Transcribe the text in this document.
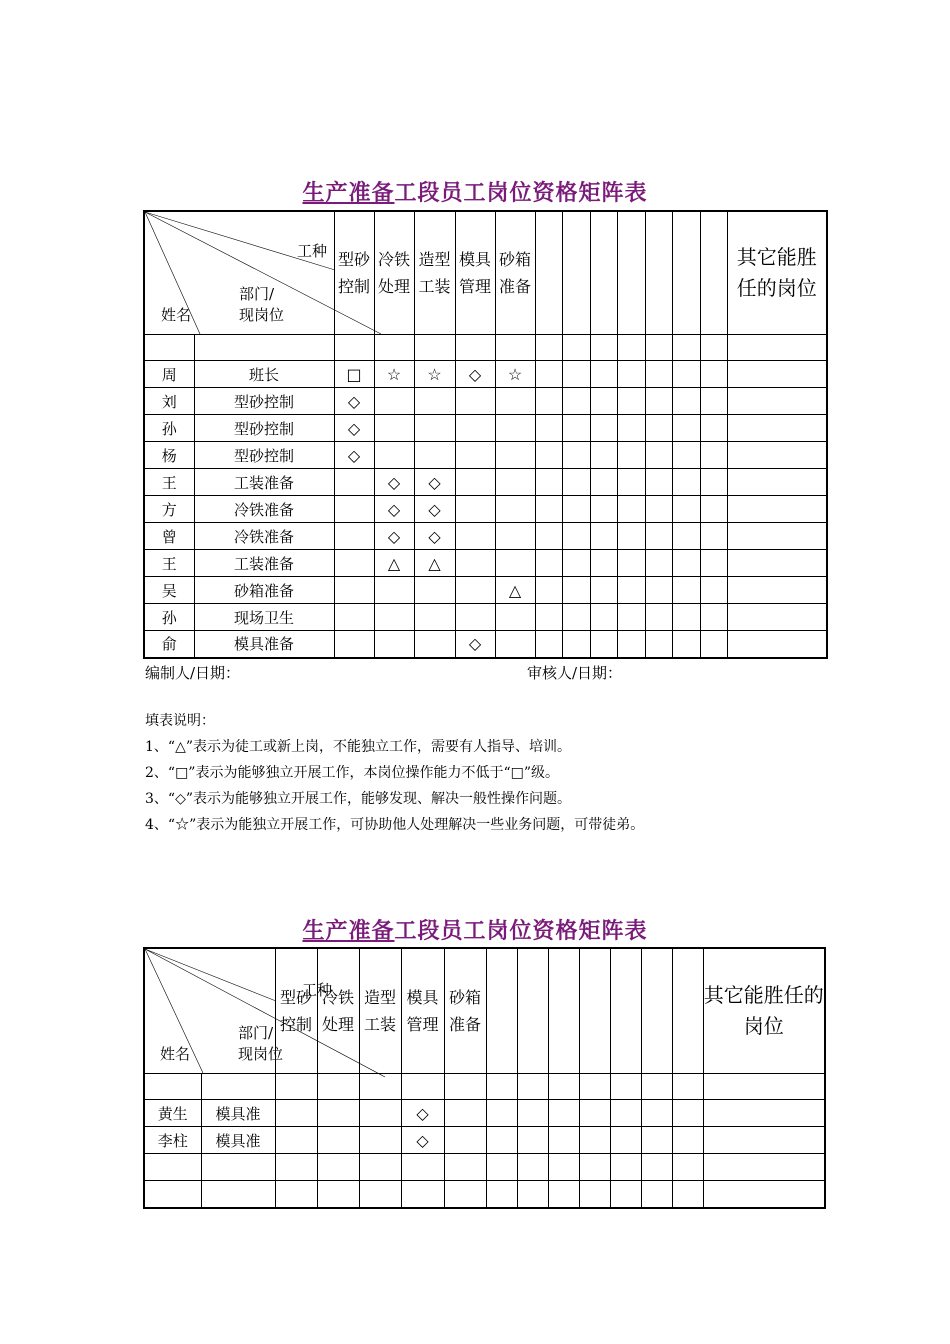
生产准备工段员工岗位资格矩阵表
工种
部门/
现岗位
姓名		型砂控制	冷铁处理	造型工装	模具管理	砂箱准备								其它能胜任的岗位

周	班长	□	☆	☆	◇	☆								
刘	型砂控制	◇												
孙	型砂控制	◇												
杨	型砂控制	◇												
王	工装准备		◇	◇										
方	冷铁准备		◇	◇										
曾	冷铁准备		◇	◇										
王	工装准备		△	△										
吴	砂箱准备					△								
孙	现场卫生													
俞	模具准备				◇									
编制人/日期：	审核人/日期：
填表说明：
1、“△”表示为徒工或新上岗，不能独立工作，需要有人指导、培训。
2、“□”表示为能够独立开展工作，本岗位操作能力不低于“□”级。
3、“◇”表示为能够独立开展工作，能够发现、解决一般性操作问题。
4、“☆”表示为能独立开展工作，可协助他人处理解决一些业务问题，可带徒弟。
生产准备工段员工岗位资格矩阵表
工种
部门/
现岗位
姓名		型砂控制	冷铁处理	造型工装	模具管理	砂箱准备								其它能胜任的岗位

黄生	模具准				◇									
李柱	模具准				◇									
